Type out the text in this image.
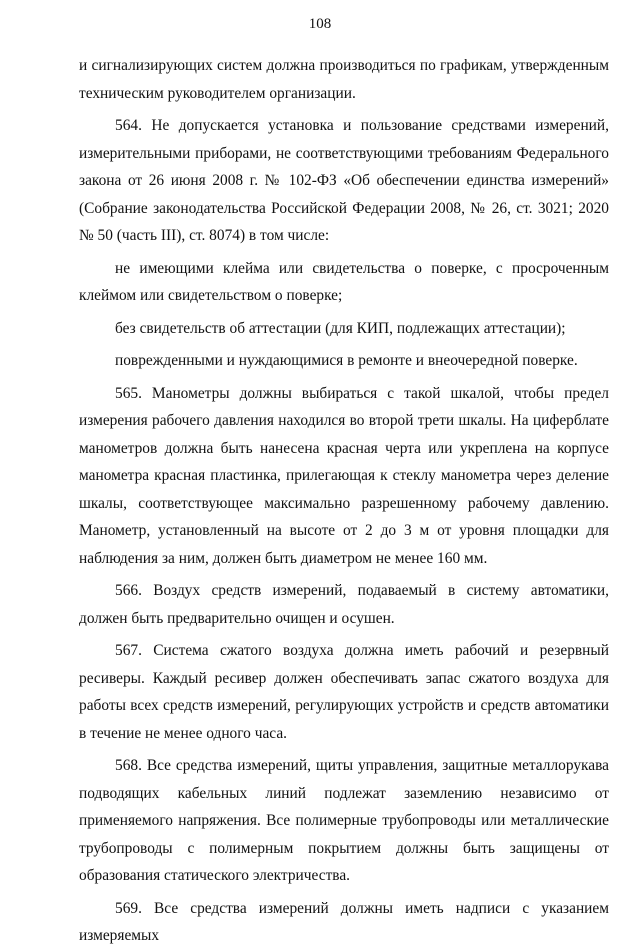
108

и сигнализирующих систем должна производиться по графикам, утвержденным техническим руководителем организации.

564. Не допускается установка и пользование средствами измерений, измерительными приборами, не соответствующими требованиям Федерального закона от 26 июня 2008 г. № 102-ФЗ «Об обеспечении единства измерений» (Собрание законодательства Российской Федерации 2008, № 26, ст. 3021; 2020 № 50 (часть III), ст. 8074) в том числе:

не имеющими клейма или свидетельства о поверке, с просроченным клеймом или свидетельством о поверке;

без свидетельств об аттестации (для КИП, подлежащих аттестации);

поврежденными и нуждающимися в ремонте и внеочередной поверке.

565. Манометры должны выбираться с такой шкалой, чтобы предел измерения рабочего давления находился во второй трети шкалы. На циферблате манометров должна быть нанесена красная черта или укреплена на корпусе манометра красная пластинка, прилегающая к стеклу манометра через деление шкалы, соответствующее максимально разрешенному рабочему давлению. Манометр, установленный на высоте от 2 до 3 м от уровня площадки для наблюдения за ним, должен быть диаметром не менее 160 мм.

566. Воздух средств измерений, подаваемый в систему автоматики, должен быть предварительно очищен и осушен.

567. Система сжатого воздуха должна иметь рабочий и резервный ресиверы. Каждый ресивер должен обеспечивать запас сжатого воздуха для работы всех средств измерений, регулирующих устройств и средств автоматики в течение не менее одного часа.

568. Все средства измерений, щиты управления, защитные металлорукава подводящих кабельных линий подлежат заземлению независимо от применяемого напряжения. Все полимерные трубопроводы или металлические трубопроводы с полимерным покрытием должны быть защищены от образования статического электричества.

569. Все средства измерений должны иметь надписи с указанием измеряемых
